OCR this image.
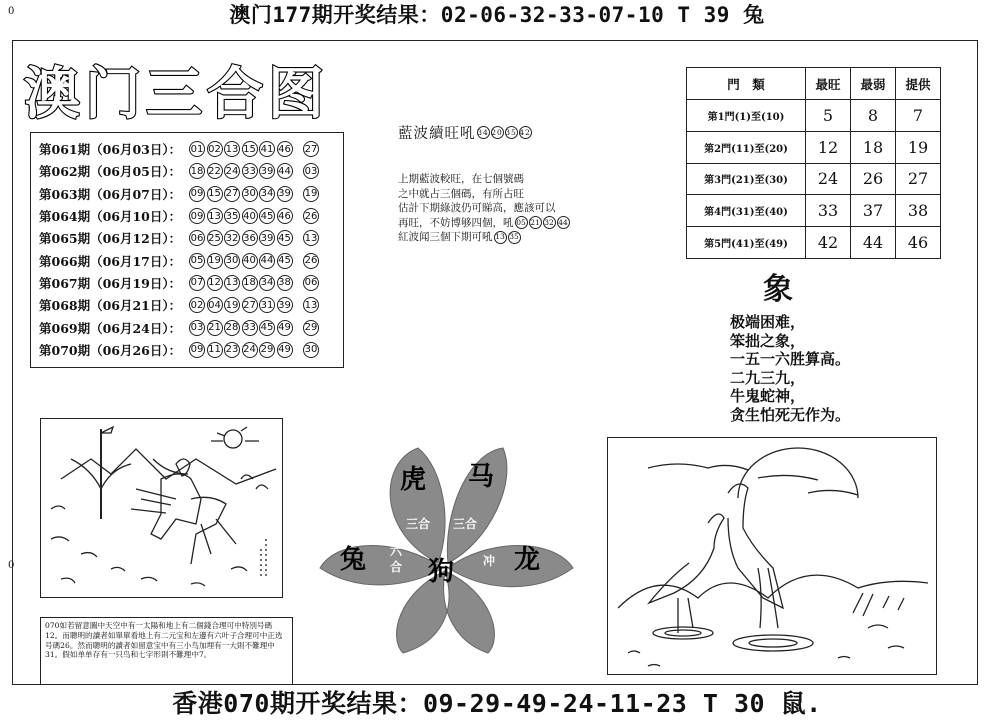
澳门177期开奖结果：02-06-32-33-07-10 T 39 兔
0
0
澳门三合图
第061期（06月03日）： 01 02 13 15 41 46 27
第062期（06月05日）： 18 22 24 33 39 44 03
第063期（06月07日）： 09 15 27 30 34 39 19
第064期（06月10日）： 09 13 35 40 45 46 26
第065期（06月12日）： 06 25 32 36 39 45 13
第066期（06月17日）： 05 19 30 40 44 45 26
第067期（06月19日）： 07 12 13 18 34 38 06
第068期（06月21日）： 02 04 19 27 31 39 13
第069期（06月24日）： 03 21 28 33 45 49 29
第070期（06月26日）： 09 11 23 24 29 49 30
藍波續旺吼 34 20 35 42
上期藍波較旺，在七個號碼
之中就占三個碼，有所占旺
估計下期綠波仍可睇高，應該可以
再旺，不妨博够四個，吼 05 21 32 44
紅波闻三個下期可吼 13 35
門　類	最旺	最弱	提供
第1門(1)至(10)	5	8	7
第2門(11)至(20)	12	18	19
第3門(21)至(30)	24	26	27
第4門(31)至(40)	33	37	38
第5門(41)至(49)	42	44	46
象
极端困难，
笨拙之象，
一五一六胜算高。
二九三九，
牛鬼蛇神，
贪生怕死无作为。
070如若留意圖中天空中有一太陽和地上有二個錢合理可中特別号碼12。而聰明的讀者如單單看地上有二元宝和左邊有六叶子合理可中正选号碼26。然而聰明的讀者如留意宝中有三小鸟加埋有一大則不難理中31。假如单单存有一只鸟和七字形則不難理中7。
虎 马
兔 狗 龙
三合 三合
六
合	冲
香港070期开奖结果：09-29-49-24-11-23 T 30 鼠.
